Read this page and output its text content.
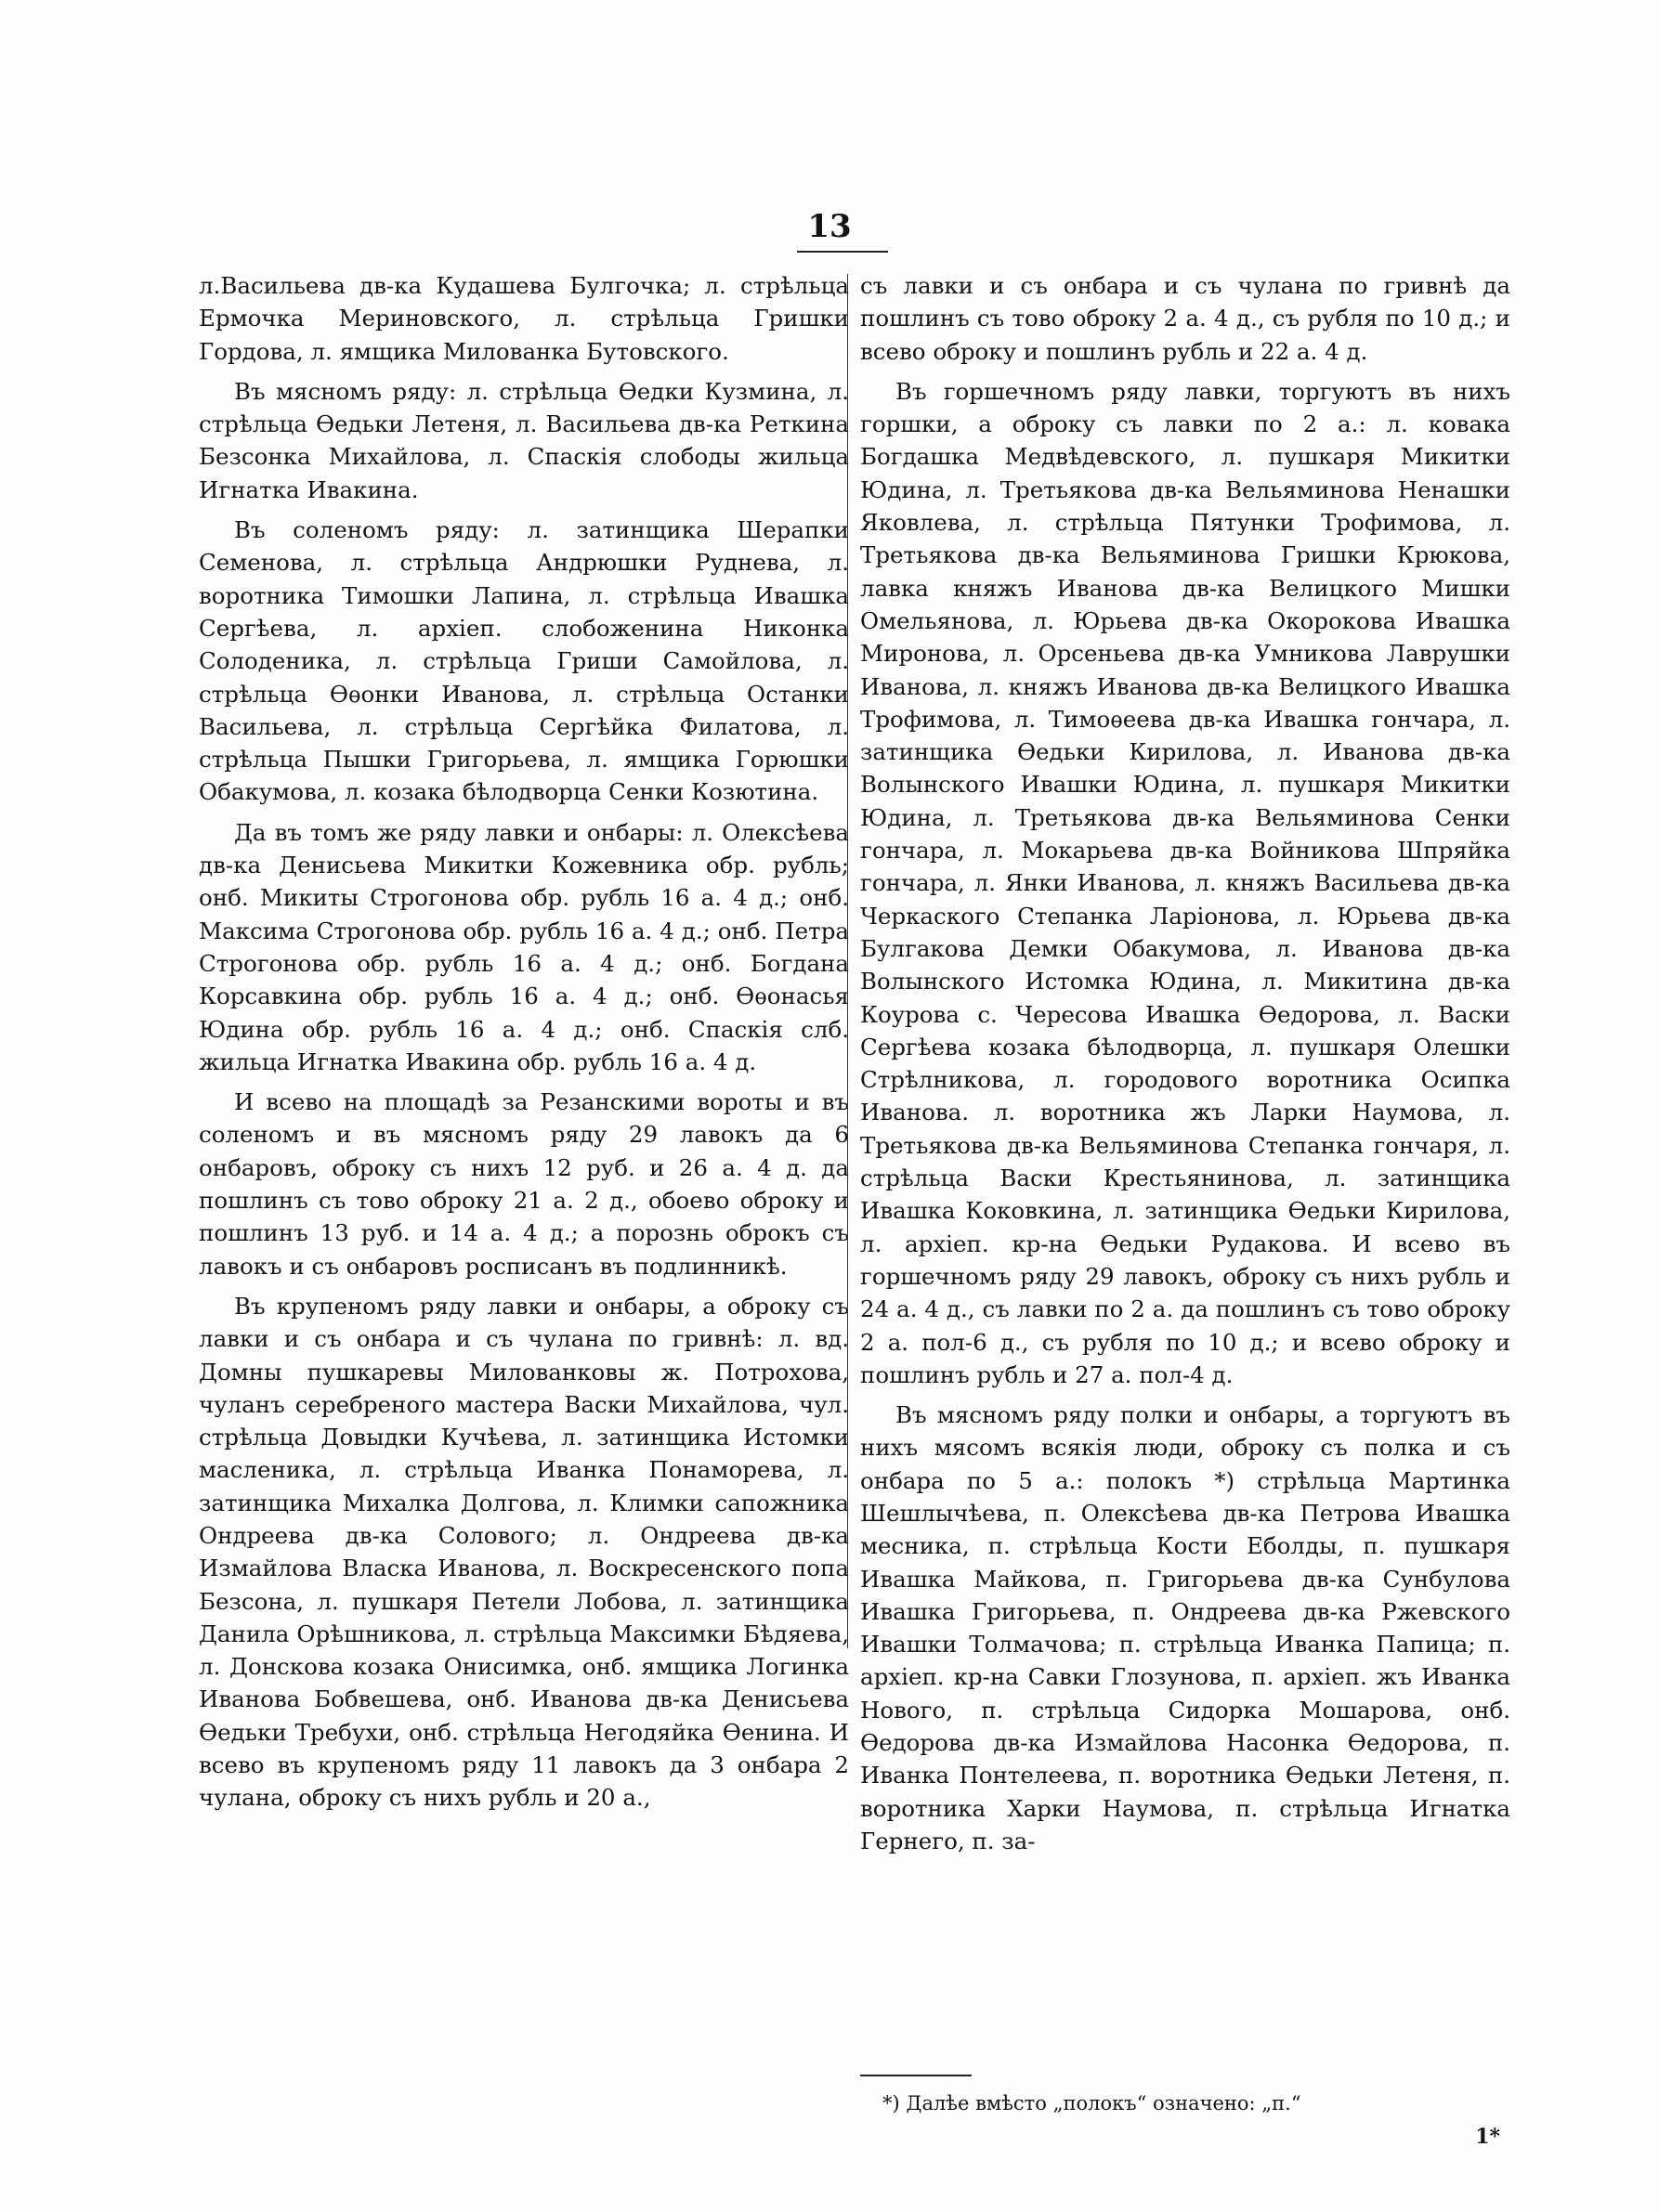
13

л.Васильева дв-ка Кудашева Булгочка; л. стрѣльца Ермочка Мериновского, л. стрѣльца Гришки Гордова, л. ямщика Милованка Бутовского.

Въ мясномъ ряду: л. стрѣльца Ѳедки Кузмина, л. стрѣльца Ѳедьки Летеня, л. Васильева дв-ка Реткина Безсонка Михайлова, л. Спаскія слободы жильца Игнатка Ивакина.

Въ соленомъ ряду: л. затинщика Шерапки Семенова, л. стрѣльца Андрюшки Руднева, л. воротника Тимошки Лапина, л. стрѣльца Ивашка Сергѣева, л. архіеп. слобоженина Никонка Солоденика, л. стрѣльца Гриши Самойлова, л. стрѣльца Ѳѳонки Иванова, л. стрѣльца Останки Васильева, л. стрѣльца Сергѣйка Филатова, л. стрѣльца Пышки Григорьева, л. ямщика Горюшки Обакумова, л. козака бѣлодворца Сенки Козютина.

Да въ томъ же ряду лавки и онбары: л. Олексѣева дв-ка Денисьева Микитки Кожевника обр. рубль; онб. Микиты Строгонова обр. рубль 16 а. 4 д.; онб. Максима Строгонова обр. рубль 16 а. 4 д.; онб. Петра Строгонова обр. рубль 16 а. 4 д.; онб. Богдана Корсавкина обр. рубль 16 а. 4 д.; онб. Ѳѳонасья Юдина обр. рубль 16 а. 4 д.; онб. Спаскія слб. жильца Игнатка Ивакина обр. рубль 16 а. 4 д.

И всево на площадѣ за Резанскими вороты и въ соленомъ и въ мясномъ ряду 29 лавокъ да 6 онбаровъ, оброку съ нихъ 12 руб. и 26 а. 4 д. да пошлинъ съ тово оброку 21 а. 2 д., обоево оброку и пошлинъ 13 руб. и 14 а. 4 д.; а порознь оброкъ съ лавокъ и съ онбаровъ росписанъ въ подлинникѣ.

Въ крупеномъ ряду лавки и онбары, а оброку съ лавки и съ онбара и съ чулана по гривнѣ: л. вд. Домны пушкаревы Милованковы ж. Потрохова, чуланъ серебреного мастера Васки Михайлова, чул. стрѣльца Довыдки Кучѣева, л. затинщика Истомки масленика, л. стрѣльца Иванка Понаморева, л. затинщика Михалка Долгова, л. Климки сапожника Ондреева дв-ка Солового; л. Ондреева дв-ка Измайлова Власка Иванова, л. Воскресенского попа Безсона, л. пушкаря Петели Лобова, л. затинщика Данила Орѣшникова, л. стрѣльца Максимки Бѣдяева, л. Донскова козака Онисимка, онб. ямщика Логинка Иванова Бобвешева, онб. Иванова дв-ка Денисьева Ѳедьки Требухи, онб. стрѣльца Негодяйка Ѳенина. И всево въ крупеномъ ряду 11 лавокъ да 3 онбара 2 чулана, оброку съ нихъ рубль и 20 а.,

съ лавки и съ онбара и съ чулана по гривнѣ да пошлинъ съ тово оброку 2 а. 4 д., съ рубля по 10 д.; и всево оброку и пошлинъ рубль и 22 а. 4 д.

Въ горшечномъ ряду лавки, торгуютъ въ нихъ горшки, а оброку съ лавки по 2 а.: л. ковака Богдашка Медвѣдевского, л. пушкаря Микитки Юдина, л. Третьякова дв-ка Вельяминова Ненашки Яковлева, л. стрѣльца Пятунки Трофимова, л. Третьякова дв-ка Вельяминова Гришки Крюкова, лавка княжъ Иванова дв-ка Велицкого Мишки Омельянова, л. Юрьева дв-ка Окорокова Ивашка Миронова, л. Орсеньева дв-ка Умникова Лаврушки Иванова, л. княжъ Иванова дв-ка Велицкого Ивашка Трофимова, л. Тимоѳеева дв-ка Ивашка гончара, л. затинщика Ѳедьки Кирилова, л. Иванова дв-ка Волынского Ивашки Юдина, л. пушкаря Микитки Юдина, л. Третьякова дв-ка Вельяминова Сенки гончара, л. Мокарьева дв-ка Войникова Шпряйка гончара, л. Янки Иванова, л. княжъ Васильева дв-ка Черкаского Степанка Ларіонова, л. Юрьева дв-ка Булгакова Демки Обакумова, л. Иванова дв-ка Волынского Истомка Юдина, л. Микитина дв-ка Коурова с. Чересова Ивашка Ѳедорова, л. Васки Сергѣева козака бѣлодворца, л. пушкаря Олешки Стрѣлникова, л. городового воротника Осипка Иванова. л. воротника жъ Ларки Наумова, л. Третьякова дв-ка Вельяминова Степанка гончаря, л. стрѣльца Васки Крестьянинова, л. затинщика Ивашка Коковкина, л. затинщика Ѳедьки Кирилова, л. архіеп. кр-на Ѳедьки Рудакова. И всево въ горшечномъ ряду 29 лавокъ, оброку съ нихъ рубль и 24 а. 4 д., съ лавки по 2 а. да пошлинъ съ тово оброку 2 а. пол-6 д., съ рубля по 10 д.; и всево оброку и пошлинъ рубль и 27 а. пол-4 д.

Въ мясномъ ряду полки и онбары, а торгуютъ въ нихъ мясомъ всякія люди, оброку съ полка и съ онбара по 5 а.: полокъ *) стрѣльца Мартинка Шешлычѣева, п. Олексѣева дв-ка Петрова Ивашка месника, п. стрѣльца Кости Еболды, п. пушкаря Ивашка Майкова, п. Григорьева дв-ка Сунбулова Ивашка Григорьева, п. Ондреева дв-ка Ржевского Ивашки Толмачова; п. стрѣльца Иванка Папица; п. архіеп. кр-на Савки Глозунова, п. архіеп. жъ Иванка Нового, п. стрѣльца Сидорка Мошарова, онб. Ѳедорова дв-ка Измайлова Насонка Ѳедорова, п. Иванка Понтелеева, п. воротника Ѳедьки Летеня, п. воротника Харки Наумова, п. стрѣльца Игнатка Гернего, п. за-

*) Далѣе вмѣсто „полокъ“ означено: „п.“
1*
